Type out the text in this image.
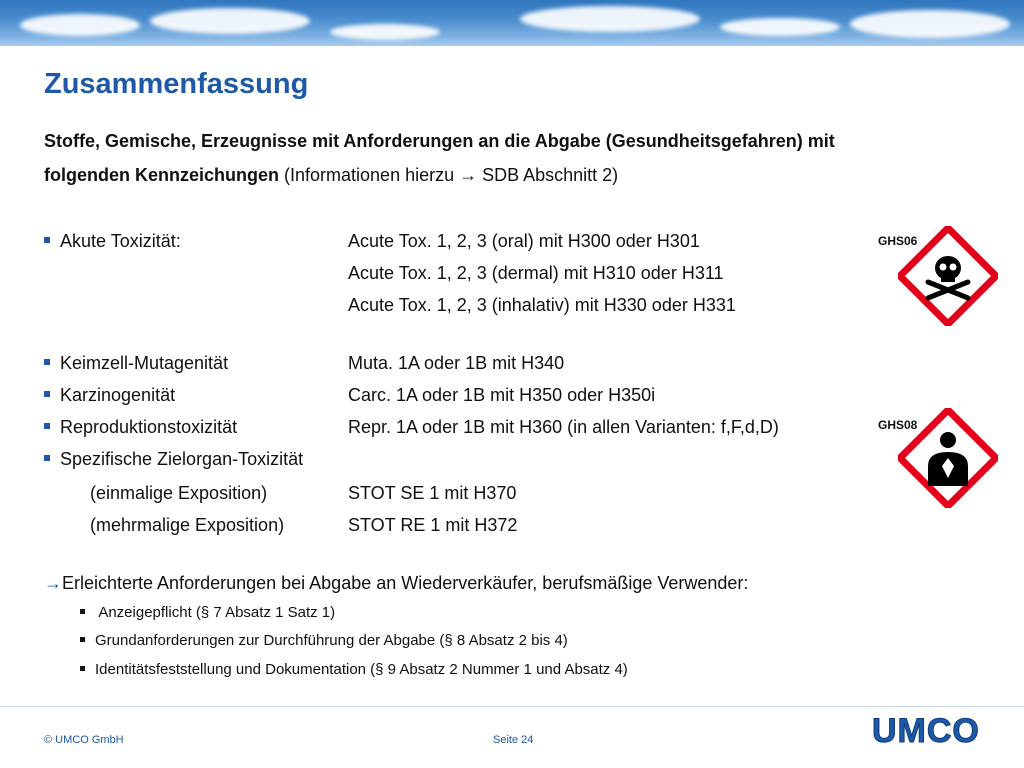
Zusammenfassung
Stoffe, Gemische, Erzeugnisse mit Anforderungen an die Abgabe (Gesundheitsgefahren) mit
folgenden Kennzeichungen (Informationen hierzu → SDB Abschnitt 2)
Akute Toxizität:	Acute Tox. 1, 2, 3 (oral) mit H300 oder H301
Acute Tox. 1, 2, 3 (dermal) mit H310 oder H311
Acute Tox. 1, 2, 3 (inhalativ) mit H330 oder H331
Keimzell-Mutagenität	Muta. 1A oder 1B mit H340
Karzinogenität	Carc. 1A oder 1B mit H350 oder H350i
Reproduktionstoxizität	Repr. 1A oder 1B mit H360 (in allen Varianten: f,F,d,D)
Spezifische Zielorgan-Toxizität
(einmalige Exposition)	STOT SE 1 mit H370
(mehrmalige Exposition)	STOT RE 1 mit H372
→Erleichterte Anforderungen bei Abgabe an Wiederverkäufer, berufsmäßige Verwender:
Anzeigepflicht (§ 7 Absatz 1 Satz 1)
Grundanforderungen zur Durchführung der Abgabe (§ 8 Absatz 2 bis 4)
Identitätsfeststellung und Dokumentation (§ 9 Absatz 2 Nummer 1 und Absatz 4)
GHS06
GHS08
© UMCO GmbH	Seite 24	UMCO
